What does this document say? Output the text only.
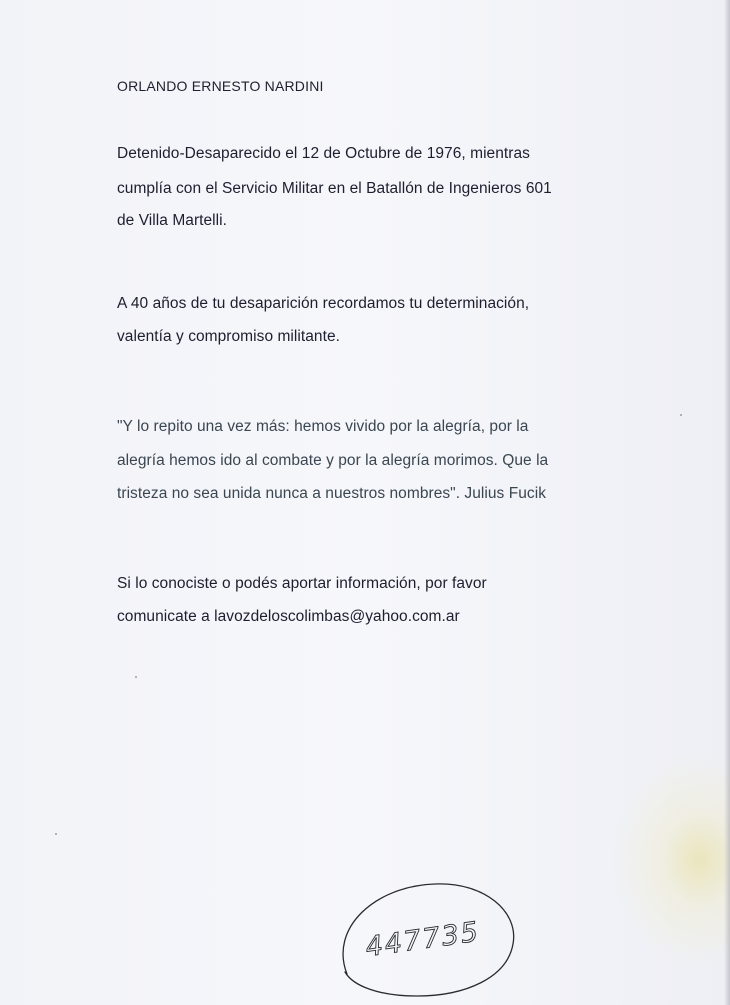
ORLANDO ERNESTO NARDINI
Detenido-Desaparecido el 12 de Octubre de 1976, mientras
cumplía con el Servicio Militar en el Batallón de Ingenieros 601
de Villa Martelli.
A 40 años de tu desaparición recordamos tu determinación,
valentía y compromiso militante.
"Y lo repito una vez más: hemos vivido por la alegría, por la
alegría hemos ido al combate y por la alegría morimos. Que la
tristeza no sea unida nunca a nuestros nombres". Julius Fucik
Si lo conociste o podés aportar información, por favor
comunicate a lavozdeloscolimbas@yahoo.com.ar
447735
